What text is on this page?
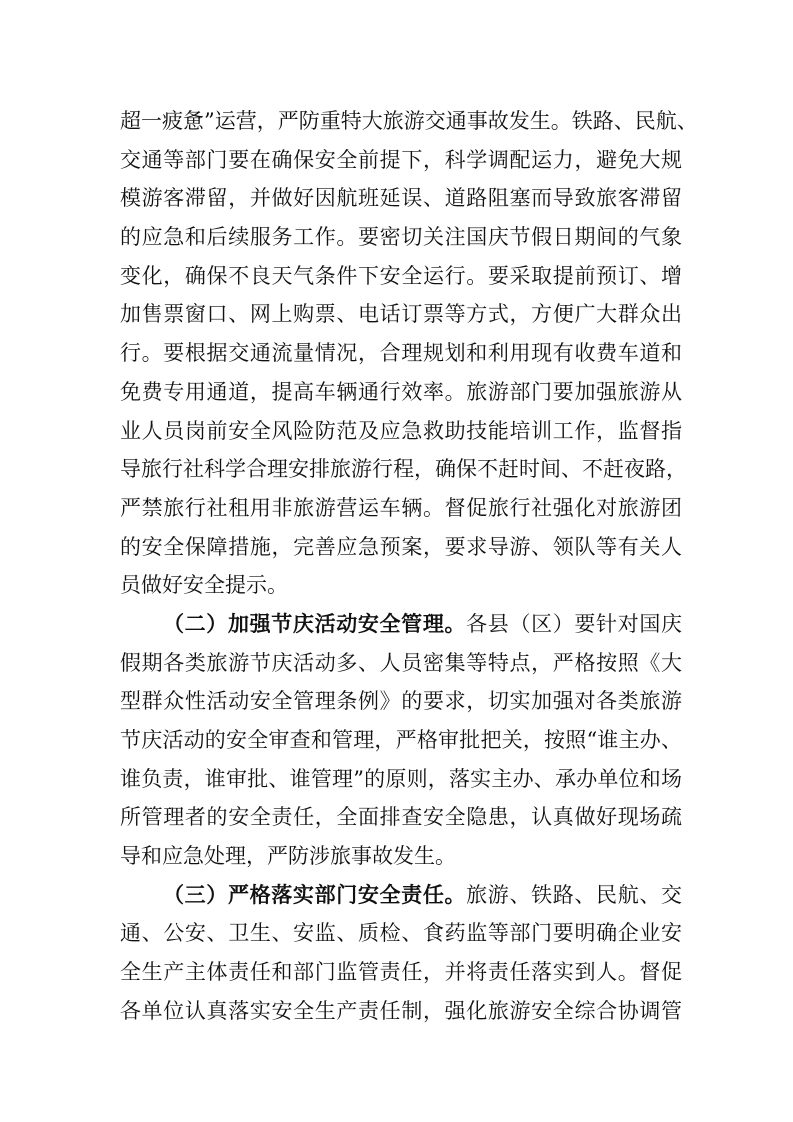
超一疲惫”运营，严防重特大旅游交通事故发生。铁路、民航、
交通等部门要在确保安全前提下，科学调配运力，避免大规
模游客滞留，并做好因航班延误、道路阻塞而导致旅客滞留
的应急和后续服务工作。要密切关注国庆节假日期间的气象
变化，确保不良天气条件下安全运行。要采取提前预订、增
加售票窗口、网上购票、电话订票等方式，方便广大群众出
行。要根据交通流量情况，合理规划和利用现有收费车道和
免费专用通道，提高车辆通行效率。旅游部门要加强旅游从
业人员岗前安全风险防范及应急救助技能培训工作，监督指
导旅行社科学合理安排旅游行程，确保不赶时间、不赶夜路，
严禁旅行社租用非旅游营运车辆。督促旅行社强化对旅游团
的安全保障措施，完善应急预案，要求导游、领队等有关人
员做好安全提示。
（二）加强节庆活动安全管理。各县（区）要针对国庆
假期各类旅游节庆活动多、人员密集等特点，严格按照《大
型群众性活动安全管理条例》的要求，切实加强对各类旅游
节庆活动的安全审查和管理，严格审批把关，按照“谁主办、
谁负责，谁审批、谁管理”的原则，落实主办、承办单位和场
所管理者的安全责任，全面排查安全隐患，认真做好现场疏
导和应急处理，严防涉旅事故发生。
（三）严格落实部门安全责任。旅游、铁路、民航、交
通、公安、卫生、安监、质检、食药监等部门要明确企业安
全生产主体责任和部门监管责任，并将责任落实到人。督促
各单位认真落实安全生产责任制，强化旅游安全综合协调管
